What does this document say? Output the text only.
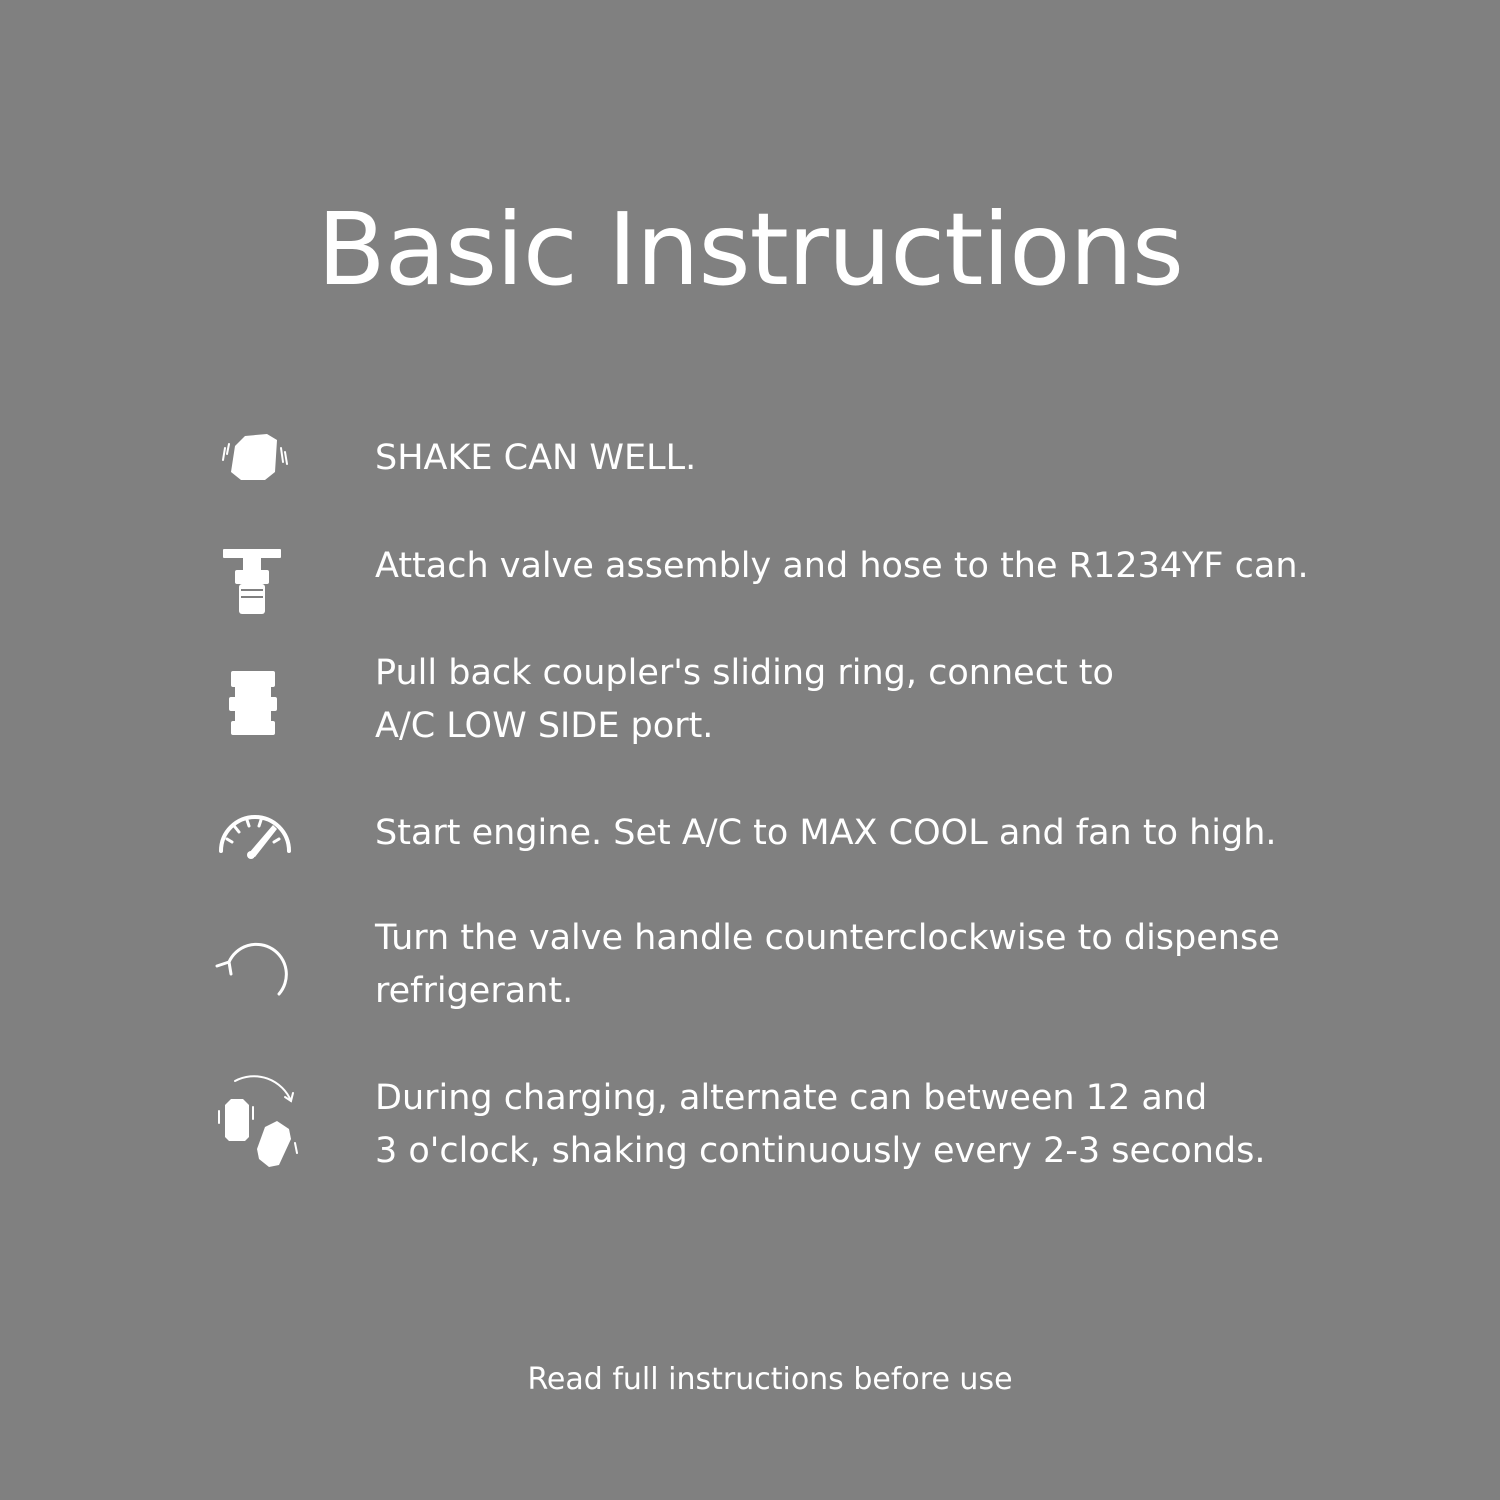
Basic Instructions
SHAKE CAN WELL.
Attach valve assembly and hose to the R1234YF can.
Pull back coupler's sliding ring, connect to
A/C LOW SIDE port.
Start engine. Set A/C to MAX COOL and fan to high.
Turn the valve handle counterclockwise to dispense
refrigerant.
During charging, alternate can between 12 and
3 o'clock, shaking continuously every 2-3 seconds.
Read full instructions before use
